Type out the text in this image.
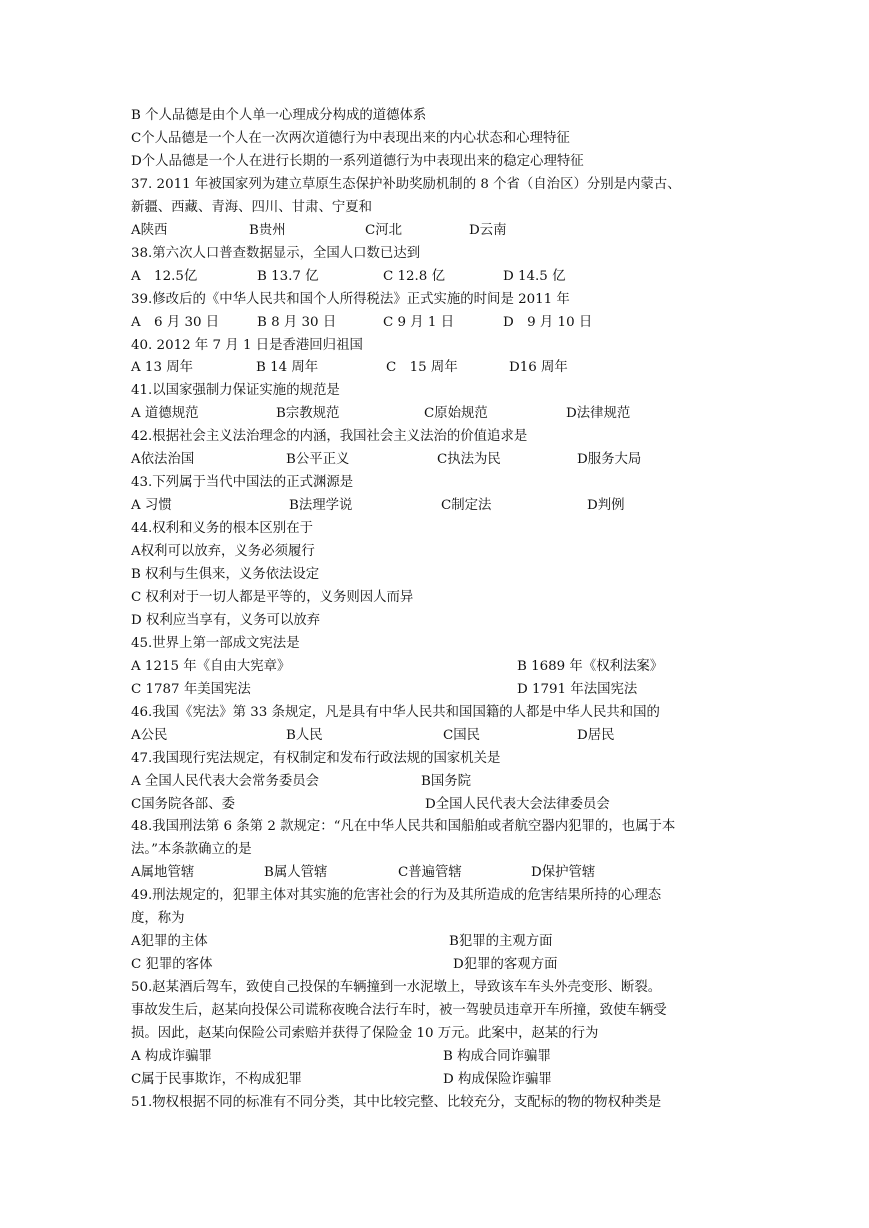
B 个人品德是由个人单一心理成分构成的道德体系
C个人品德是一个人在一次两次道德行为中表现出来的内心状态和心理特征
D个人品德是一个人在进行长期的一系列道德行为中表现出来的稳定心理特征
37. 2011 年被国家列为建立草原生态保护补助奖励机制的 8 个省（自治区）分别是内蒙古、
新疆、西藏、青海、四川、甘肃、宁夏和
A陕西	B贵州	C河北	D云南
38.第六次人口普查数据显示，全国人口数已达到
A　12.5亿	B 13.7 亿	C 12.8 亿	D 14.5 亿
39.修改后的《中华人民共和国个人所得税法》正式实施的时间是 2011 年
A　6 月 30 日	B 8 月 30 日	C 9 月 1 日	D　9 月 10 日
40. 2012 年 7 月 1 日是香港回归祖国
A 13 周年	B 14 周年	C　15 周年	D16 周年
41.以国家强制力保证实施的规范是
A 道德规范	B宗教规范	C原始规范	D法律规范
42.根据社会主义法治理念的内涵，我国社会主义法治的价值追求是
A依法治国	B公平正义	C执法为民	D服务大局
43.下列属于当代中国法的正式渊源是
A 习惯	B法理学说	C制定法	D判例
44.权利和义务的根本区别在于
A权利可以放弃，义务必须履行
B 权利与生俱来，义务依法设定
C 权利对于一切人都是平等的，义务则因人而异
D 权利应当享有，义务可以放弃
45.世界上第一部成文宪法是
A 1215 年《自由大宪章》	B 1689 年《权利法案》
C 1787 年美国宪法	D 1791 年法国宪法
46.我国《宪法》第 33 条规定，凡是具有中华人民共和国国籍的人都是中华人民共和国的
A公民	B人民	C国民	D居民
47.我国现行宪法规定，有权制定和发布行政法规的国家机关是
A 全国人民代表大会常务委员会	B国务院
C国务院各部、委	D全国人民代表大会法律委员会
48.我国刑法第 6 条第 2 款规定：“凡在中华人民共和国船舶或者航空器内犯罪的，也属于本
法。”本条款确立的是
A属地管辖	B属人管辖	C普遍管辖	D保护管辖
49.刑法规定的，犯罪主体对其实施的危害社会的行为及其所造成的危害结果所持的心理态
度，称为
A犯罪的主体	B犯罪的主观方面
C 犯罪的客体	D犯罪的客观方面
50.赵某酒后驾车，致使自己投保的车辆撞到一水泥墩上，导致该车车头外壳变形、断裂。
事故发生后，赵某向投保公司谎称夜晚合法行车时，被一驾驶员违章开车所撞，致使车辆受
损。因此，赵某向保险公司索赔并获得了保险金 10 万元。此案中，赵某的行为
A 构成诈骗罪	B 构成合同诈骗罪
C属于民事欺诈，不构成犯罪	D 构成保险诈骗罪
51.物权根据不同的标准有不同分类，其中比较完整、比较充分，支配标的物的物权种类是
